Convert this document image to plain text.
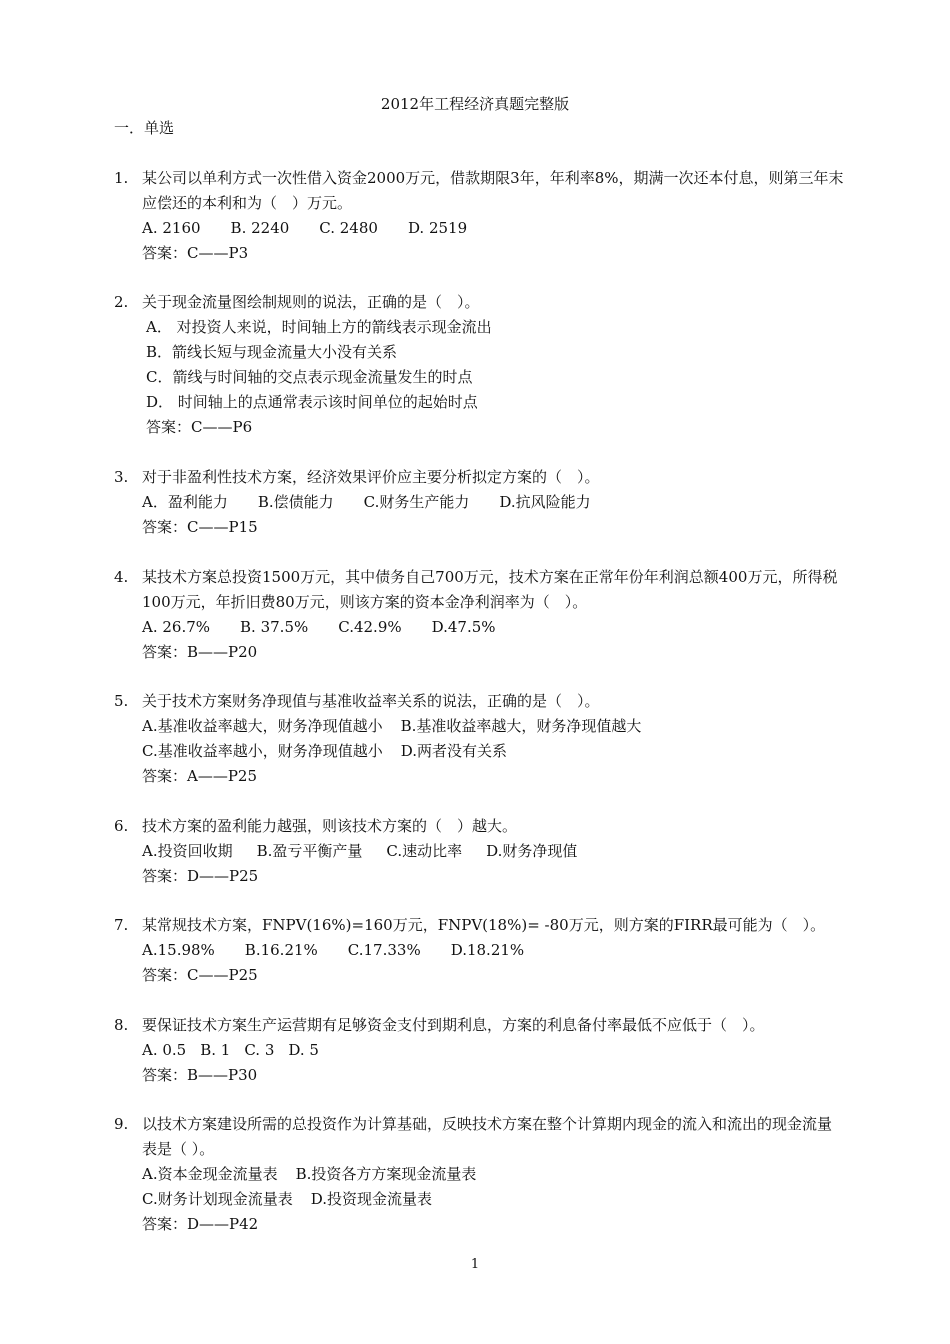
2012年工程经济真题完整版
一．单选
1. 某公司以单利方式一次性借入资金2000万元，借款期限3年，年利率8%，期满一次还本付息，则第三年末应偿还的本利和为（　）万元。
A. 2160 B. 2240 C. 2480 D. 2519
答案：C——P3
2. 关于现金流量图绘制规则的说法，正确的是（　）。
A． 对投资人来说，时间轴上方的箭线表示现金流出
B．箭线长短与现金流量大小没有关系
C．箭线与时间轴的交点表示现金流量发生的时点
D． 时间轴上的点通常表示该时间单位的起始时点
答案：C——P6
3. 对于非盈利性技术方案，经济效果评价应主要分析拟定方案的（　）。
A．盈利能力 B.偿债能力 C.财务生产能力 D.抗风险能力
答案：C——P15
4. 某技术方案总投资1500万元，其中债务自己700万元，技术方案在正常年份年利润总额400万元，所得税100万元，年折旧费80万元，则该方案的资本金净利润率为（　）。
A. 26.7% B. 37.5% C.42.9% D.47.5%
答案：B——P20
5. 关于技术方案财务净现值与基准收益率关系的说法，正确的是（　）。
A.基准收益率越大，财务净现值越小 B.基准收益率越大，财务净现值越大
C.基准收益率越小，财务净现值越小 D.两者没有关系
答案：A——P25
6. 技术方案的盈利能力越强，则该技术方案的（　）越大。
A.投资回收期 B.盈亏平衡产量 C.速动比率 D.财务净现值
答案：D——P25
7. 某常规技术方案，FNPV(16%)=160万元，FNPV(18%)= -80万元，则方案的FIRR最可能为（　）。
A.15.98% B.16.21% C.17.33% D.18.21%
答案：C——P25
8. 要保证技术方案生产运营期有足够资金支付到期利息，方案的利息备付率最低不应低于（　）。
A. 0.5 B. 1 C. 3 D. 5
答案：B——P30
9. 以技术方案建设所需的总投资作为计算基础，反映技术方案在整个计算期内现金的流入和流出的现金流量表是（ ）。
A.资本金现金流量表 B.投资各方方案现金流量表
C.财务计划现金流量表 D.投资现金流量表
答案：D——P42
1
